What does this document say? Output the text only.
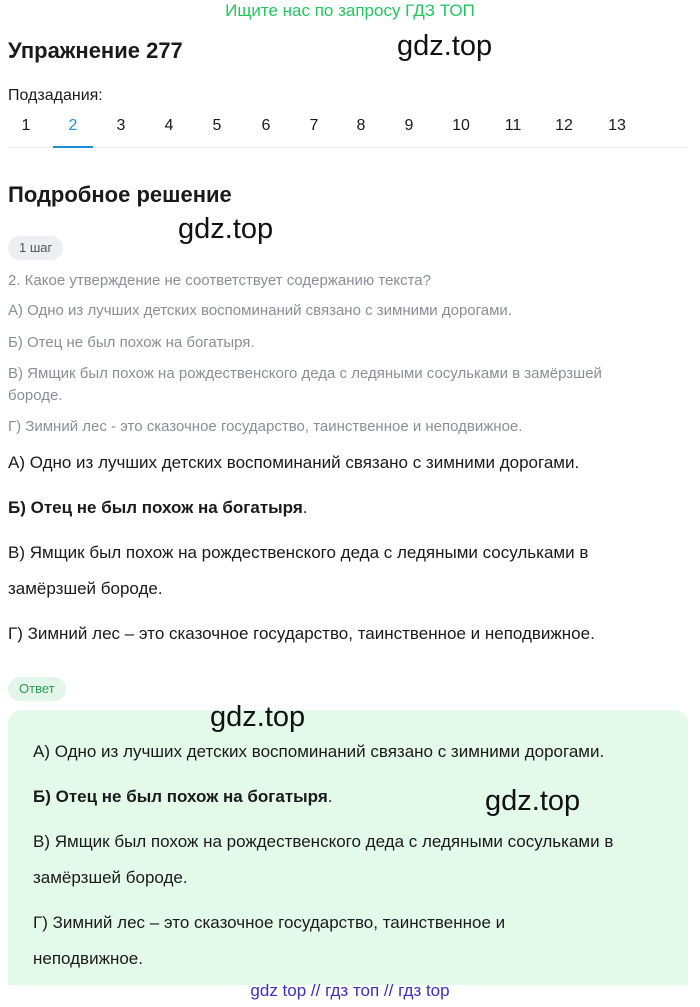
Ищите нас по запросу ГДЗ ТОП
Упражнение 277	gdz.top
Подзадания:
1	2	3	4	5	6	7	8	9	10	11	12	13
Подробное решение
gdz.top
1 шаг
2. Какое утверждение не соответствует содержанию текста?
А) Одно из лучших детских воспоминаний связано с зимними дорогами.
Б) Отец не был похож на богатыря.
В) Ямщик был похож на рождественского деда с ледяными сосульками в замёрзшей
бороде.
Г) Зимний лес - это сказочное государство, таинственное и неподвижное.
А) Одно из лучших детских воспоминаний связано с зимними дорогами.
Б) Отец не был похож на богатыря.
В) Ямщик был похож на рождественского деда с ледяными сосульками в
замёрзшей бороде.
Г) Зимний лес – это сказочное государство, таинственное и неподвижное.
Ответ
gdz.top
А) Одно из лучших детских воспоминаний связано с зимними дорогами.
Б) Отец не был похож на богатыря.	gdz.top
В) Ямщик был похож на рождественского деда с ледяными сосульками в
замёрзшей бороде.
Г) Зимний лес – это сказочное государство, таинственное и
неподвижное.
gdz top // гдз топ // гдз top
